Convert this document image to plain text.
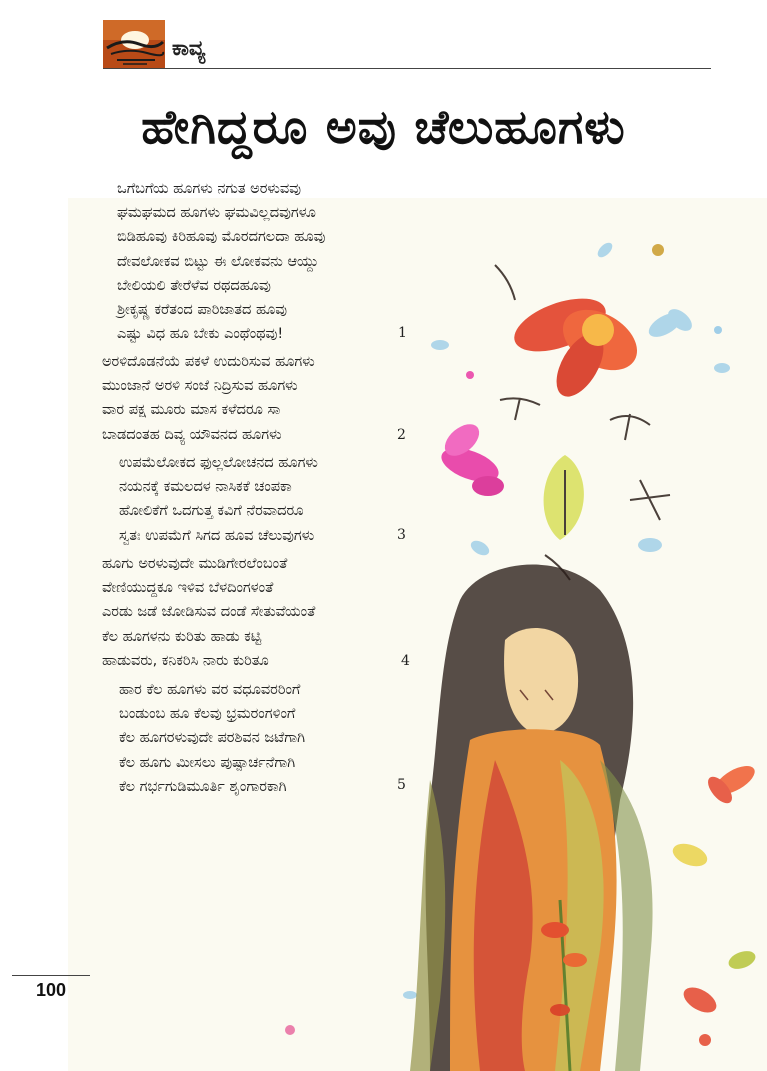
ಕಾವ್ಯ
ಹೇಗಿದ್ದರೂ ಅವು ಚೆಲುಹೂಗಳು
ಒಗೆಬಗೆಯ ಹೂಗಳು ನಗುತ ಅರಳುವವು
ಘಮಘಮದ ಹೂಗಳು ಘಮವಿಲ್ಲದವುಗಳೂ
ಬಿಡಿಹೂವು ಕಿರಿಹೂವು ಮೊರದಗಲದಾ ಹೂವು
ದೇವಲೋಕವ ಬಿಟ್ಟು ಈ ಲೋಕವನು ಆಯ್ದು
ಬೇಲಿಯಲಿ ತೇರೆಳೆವ ರಥದಹೂವು
ಶ್ರೀಕೃಷ್ಣ ಕರೆತಂದ ಪಾರಿಜಾತದ ಹೂವು
ಎಷ್ಟು ವಿಧ ಹೂ ಬೇಕು ಎಂಥೆಂಥವು!	1
ಅರಳಿದೊಡನೆಯೆ ಪಕಳೆ ಉದುರಿಸುವ ಹೂಗಳು
ಮುಂಜಾನೆ ಅರಳಿ ಸಂಜೆ ನಿದ್ರಿಸುವ ಹೂಗಳು
ವಾರ ಪಕ್ಷ ಮೂರು ಮಾಸ ಕಳೆದರೂ ಸಾ
ಬಾಡದಂತಹ ದಿವ್ಯ ಯೌವನದ ಹೂಗಳು	2
ಉಪಮೆಲೋಕದ ಫುಲ್ಲಲೋಚನದ ಹೂಗಳು
ನಯನಕ್ಕೆ ಕಮಲದಳ ನಾಸಿಕಕೆ ಚಂಪಕಾ
ಹೋಲಿಕೆಗೆ ಒದಗುತ್ತ ಕವಿಗೆ ನೆರವಾದರೂ
ಸ್ವತಃ ಉಪಮೆಗೆ ಸಿಗದ ಹೂವ ಚೆಲುವುಗಳು	3
ಹೂಗು ಅರಳುವುದೇ ಮುಡಿಗೇರಲೆಂಬಂತೆ
ವೇಣಿಯುದ್ದಕೂ ಇಳಿವ ಬೆಳದಿಂಗಳಂತೆ
ಎರಡು ಜಡೆ ಜೋಡಿಸುವ ದಂಡೆ ಸೇತುವೆಯಂತೆ
ಕೆಲ ಹೂಗಳನು ಕುರಿತು ಹಾಡು ಕಟ್ಟಿ
ಹಾಡುವರು, ಕನಿಕರಿಸಿ ನಾರು ಕುರಿತೂ	4
ಹಾರ ಕೆಲ ಹೂಗಳು ವರ ವಧೂವರರಿಂಗೆ
ಬಂಡುಂಬ ಹೂ ಕೆಲವು ಭ್ರಮರಂಗಳಿಂಗೆ
ಕೆಲ ಹೂಗರಳುವುದೇ ಪರಶಿವನ ಜಟೆಗಾಗಿ
ಕೆಲ ಹೂಗು ಮೀಸಲು ಪುಷ್ಪಾರ್ಚನೆಗಾಗಿ
ಕೆಲ ಗರ್ಭಗುಡಿಮೂರ್ತಿ ಶೃಂಗಾರಕಾಗಿ	5
100
